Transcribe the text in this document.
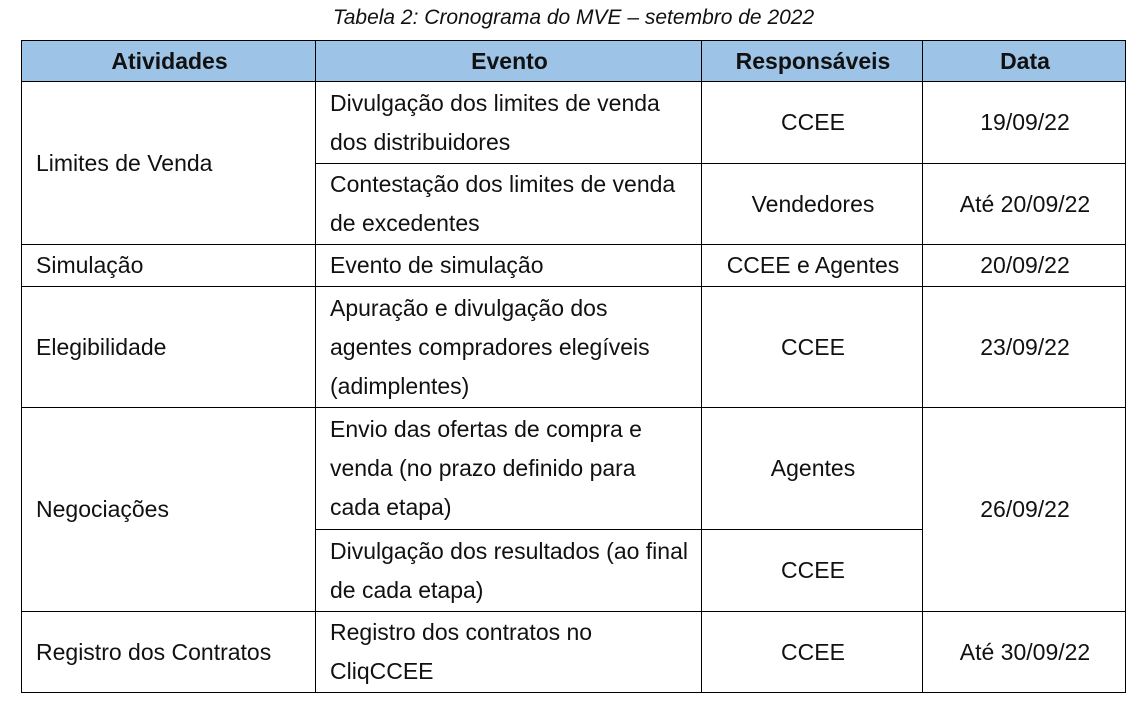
Tabela 2: Cronograma do MVE – setembro de 2022
Atividades	Evento	Responsáveis	Data
Limites de Venda	Divulgação dos limites de venda dos distribuidores	CCEE	19/09/22
	Contestação dos limites de venda de excedentes	Vendedores	Até 20/09/22
Simulação	Evento de simulação	CCEE e Agentes	20/09/22
Elegibilidade	Apuração e divulgação dos agentes compradores elegíveis (adimplentes)	CCEE	23/09/22
Negociações	Envio das ofertas de compra e venda (no prazo definido para cada etapa)	Agentes	26/09/22
	Divulgação dos resultados (ao final de cada etapa)	CCEE	
Registro dos Contratos	Registro dos contratos no CliqCCEE	CCEE	Até 30/09/22
